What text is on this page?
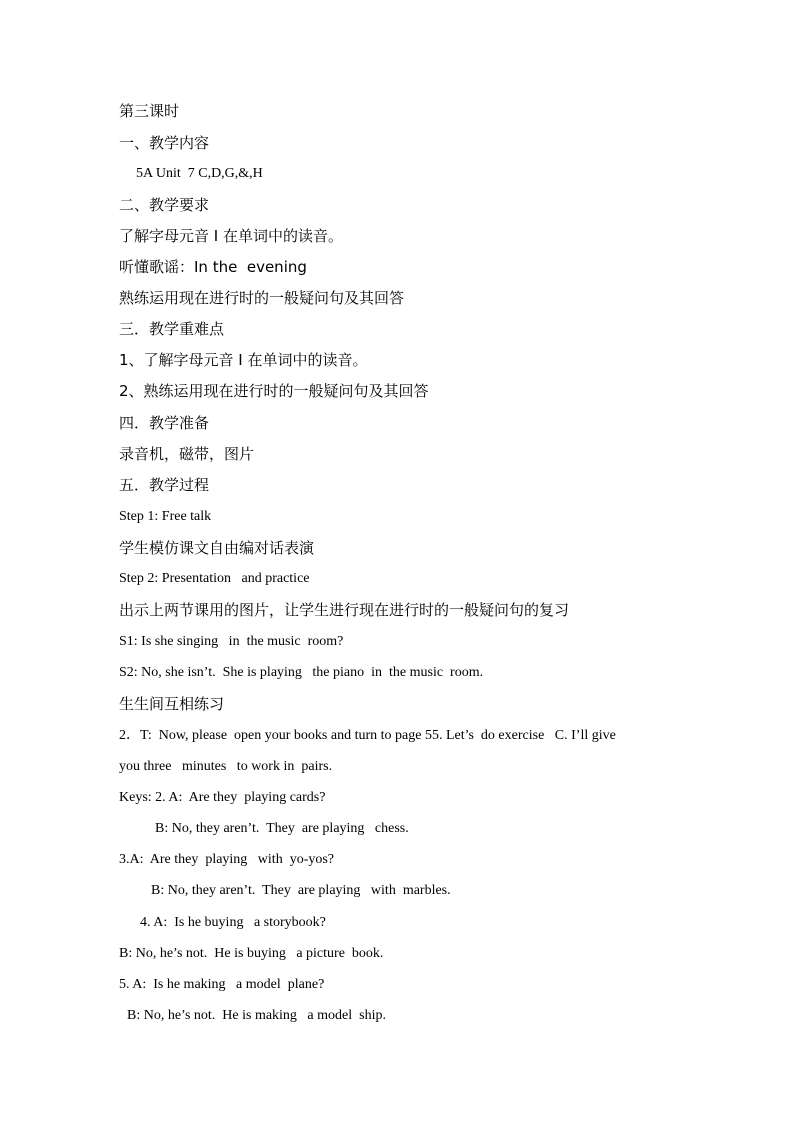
第三课时
一、教学内容
5A Unit  7 C,D,G,&,H
二、教学要求
了解字母元音 I 在单词中的读音。
听懂歌谣：In the  evening
熟练运用现在进行时的一般疑问句及其回答
三．教学重难点
1、了解字母元音 I 在单词中的读音。
2、熟练运用现在进行时的一般疑问句及其回答
四．教学准备
录音机，磁带，图片
五．教学过程
Step 1: Free talk
学生模仿课文自由编对话表演
Step 2: Presentation   and practice
出示上两节课用的图片，让学生进行现在进行时的一般疑问句的复习
S1: Is she singing   in  the music  room?
S2: No, she isn’t.  She is playing   the piano  in  the music  room.
生生间互相练习
2．T:  Now, please  open your books and turn to page 55. Let’s  do exercise   C. I’ll give
you three   minutes   to work in  pairs.
Keys: 2. A:  Are they  playing cards?
B: No, they aren’t.  They  are playing   chess.
3.A:  Are they  playing   with  yo-yos?
B: No, they aren’t.  They  are playing   with  marbles.
4. A:  Is he buying   a storybook?
B: No, he’s not.  He is buying   a picture  book.
5. A:  Is he making   a model  plane?
B: No, he’s not.  He is making   a model  ship.
